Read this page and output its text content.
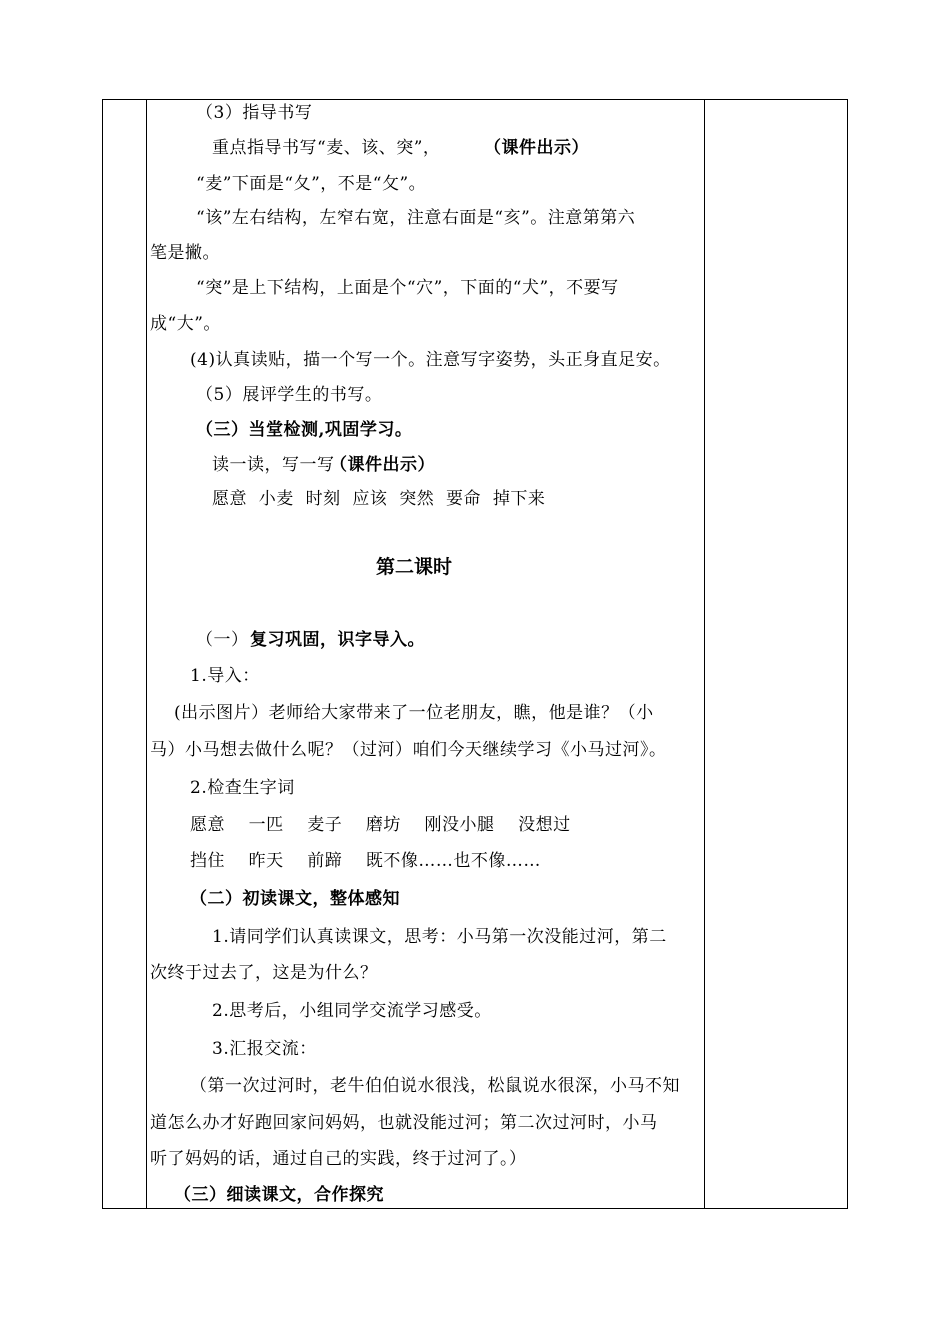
（3）指导书写
重点指导书写“麦、该、突”，	（课件出示）
“麦”下面是“夂”，不是“攵”。
“该”左右结构，左窄右宽，注意右面是“亥”。注意第第六
笔是撇。
“突”是上下结构，上面是个“穴”，下面的“犬”，不要写
成“大”。
(4)认真读贴，描一个写一个。注意写字姿势，头正身直足安。
（5）展评学生的书写。
（三）当堂检测,巩固学习。
读一读，写一写
（课件出示）
愿意  小麦  时刻  应该  突然  要命  掉下来
第二课时
（一） 复习巩固，识字导入。
1.导入：
(出示图片）老师给大家带来了一位老朋友，瞧，他是谁？（小
马）小马想去做什么呢？（过河）咱们今天继续学习《小马过河》。
2.检查生字词
愿意    一匹    麦子    磨坊    刚没小腿    没想过
挡住    昨天    前蹄    既不像……也不像……
（二）初读课文，整体感知
1.请同学们认真读课文，思考：小马第一次没能过河，第二
次终于过去了，这是为什么？
2.思考后，小组同学交流学习感受。
3.汇报交流：
（第一次过河时，老牛伯伯说水很浅，松鼠说水很深，小马不知
道怎么办才好跑回家问妈妈，也就没能过河；第二次过河时，小马
听了妈妈的话，通过自己的实践，终于过河了。）
（三）细读课文，合作探究
